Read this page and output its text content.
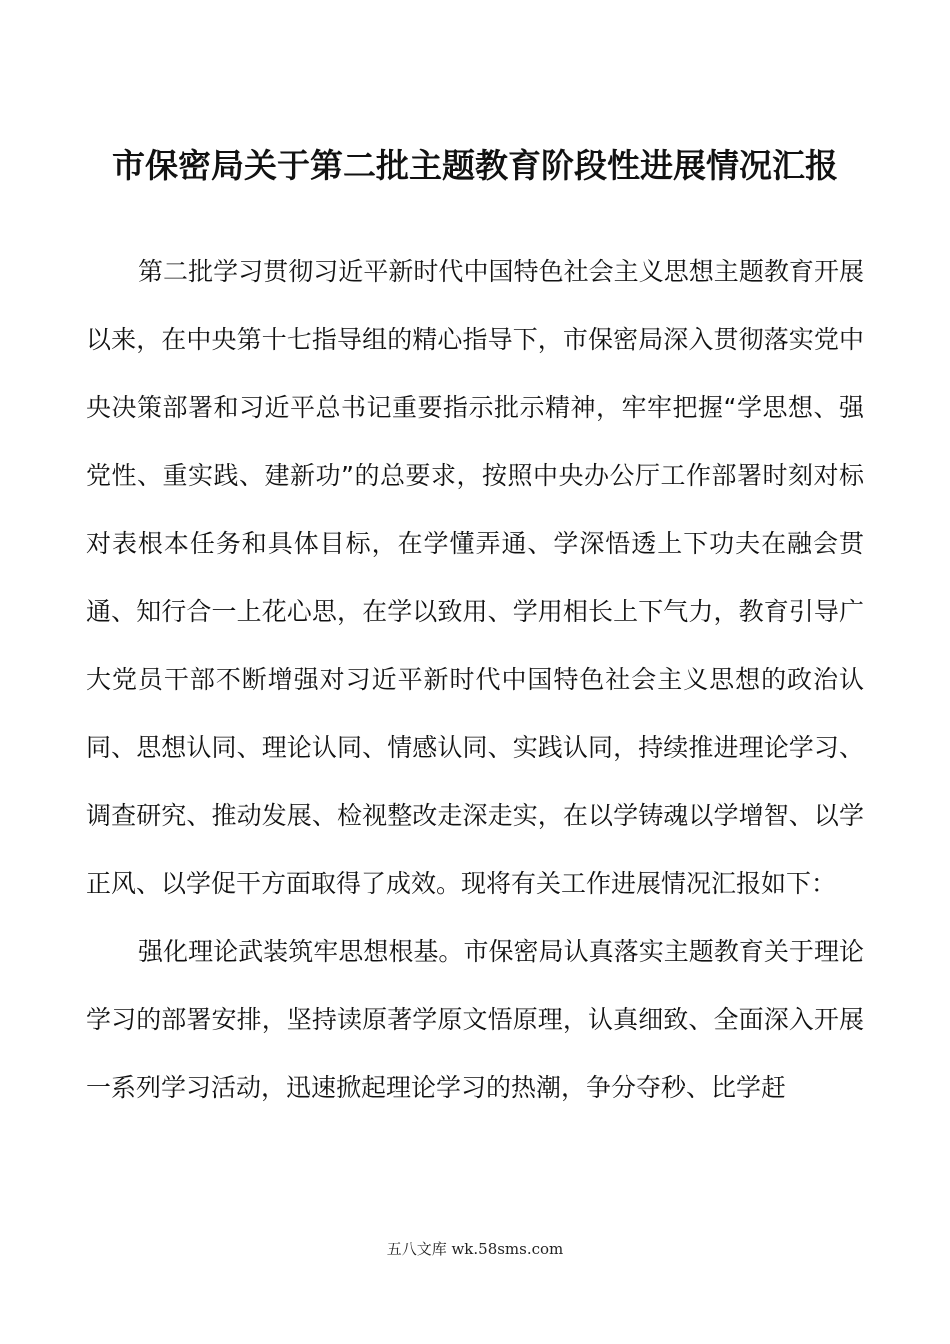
市保密局关于第二批主题教育阶段性进展情况汇报

第二批学习贯彻习近平新时代中国特色社会主义思想主题教育开展以来，在中央第十七指导组的精心指导下，市保密局深入贯彻落实党中央决策部署和习近平总书记重要指示批示精神，牢牢把握“学思想、强党性、重实践、建新功”的总要求，按照中央办公厅工作部署时刻对标对表根本任务和具体目标，在学懂弄通、学深悟透上下功夫在融会贯通、知行合一上花心思，在学以致用、学用相长上下气力，教育引导广大党员干部不断增强对习近平新时代中国特色社会主义思想的政治认同、思想认同、理论认同、情感认同、实践认同，持续推进理论学习、调查研究、推动发展、检视整改走深走实，在以学铸魂以学增智、以学正风、以学促干方面取得了成效。现将有关工作进展情况汇报如下：

强化理论武装筑牢思想根基。市保密局认真落实主题教育关于理论学习的部署安排，坚持读原著学原文悟原理，认真细致、全面深入开展一系列学习活动，迅速掀起理论学习的热潮，争分夺秒、比学赶

五八文库 wk.58sms.com
